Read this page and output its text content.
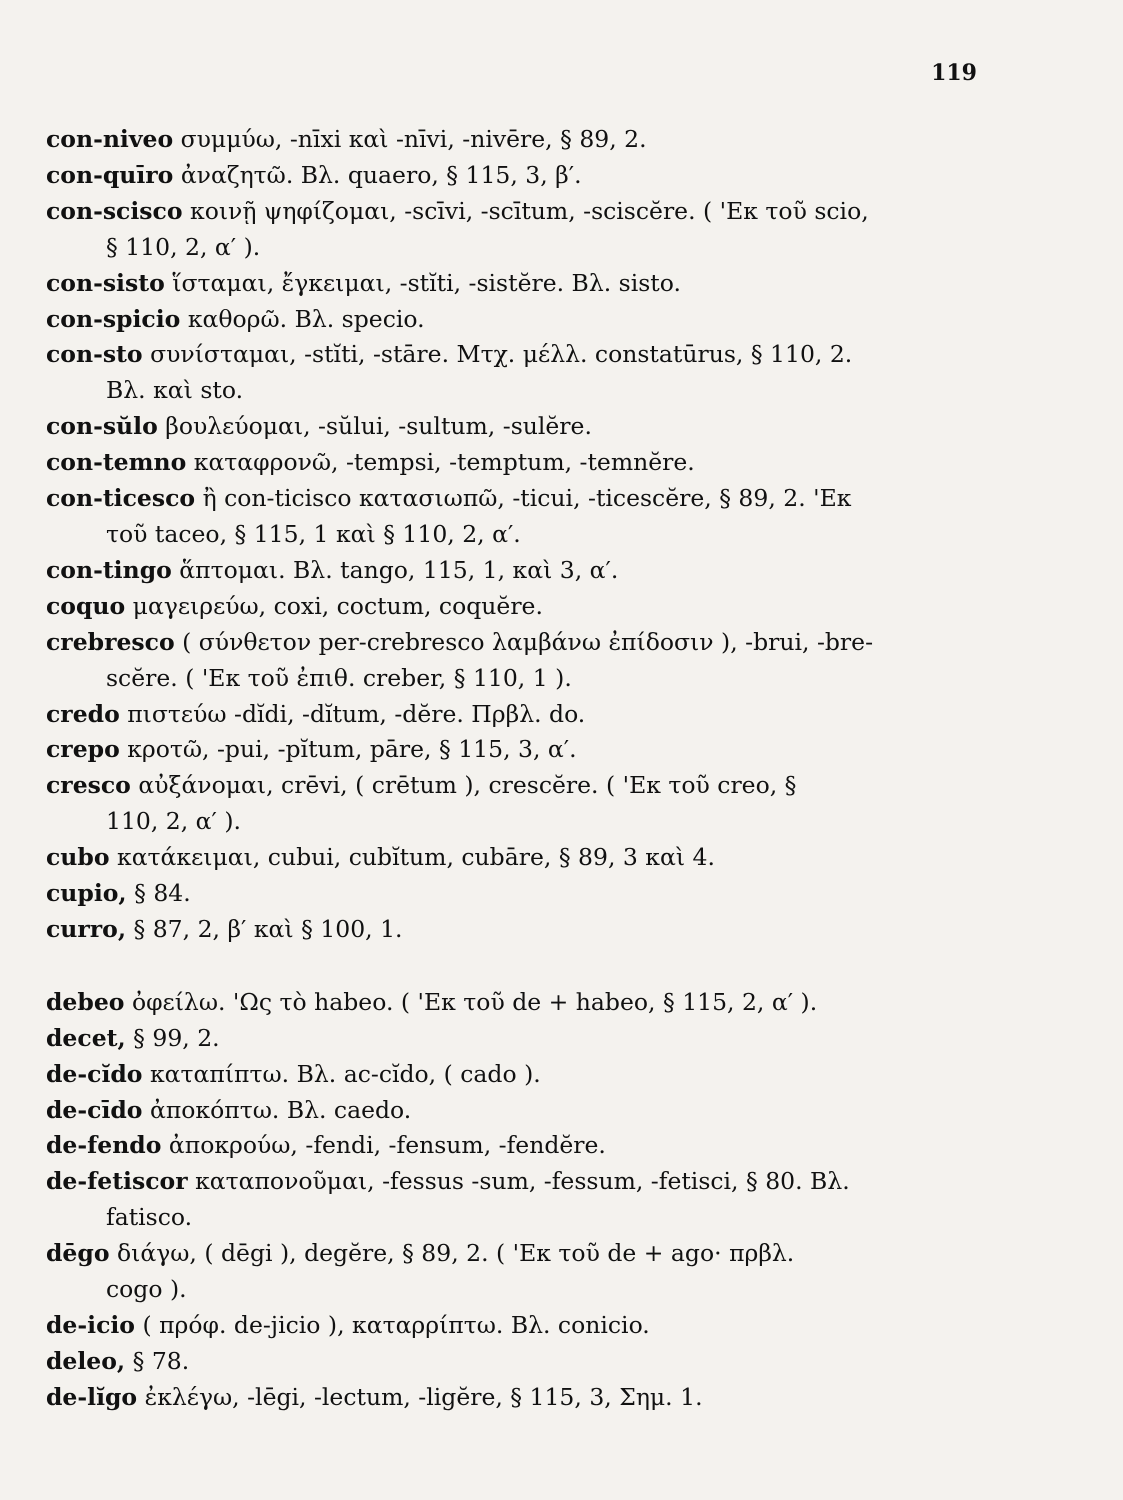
119
con-niveo συμμύω, -nīxi καὶ -nīvi, -nivēre, § 89, 2.
con-quīro ἀναζητῶ. Βλ. quaero, § 115, 3, β′.
con-scisco κοινῇ ψηφίζομαι, -scīvi, -scītum, -sciscĕre. ( 'Εκ τοῦ scio,
§ 110, 2, α′ ).
con-sisto ἵσταμαι, ἔγκειμαι, -stĭti, -sistĕre. Βλ. sisto.
con-spicio καθορῶ. Βλ. specio.
con-sto συνίσταμαι, -stĭti, -stāre. Μτχ. μέλλ. constatūrus, § 110, 2.
Βλ. καὶ sto.
con-sŭlo βουλεύομαι, -sŭlui, -sultum, -sulĕre.
con-temno καταφρονῶ, -tempsi, -temptum, -temnĕre.
con-ticesco ἢ con-ticisco κατασιωπῶ, -ticui, -ticescĕre, § 89, 2. 'Εκ
τοῦ taceo, § 115, 1 καὶ § 110, 2, α′.
con-tingo ἅπτομαι. Βλ. tango, 115, 1, καὶ 3, α′.
coquo μαγειρεύω, coxi, coctum, coquĕre.
crebresco ( σύνθετον per-crebresco λαμβάνω ἐπίδοσιν ), -brui, -bre-
scĕre. ( 'Εκ τοῦ ἐπιθ. creber, § 110, 1 ).
credo πιστεύω -dĭdi, -dĭtum, -dĕre. Πρβλ. do.
crepo κροτῶ, -pui, -pĭtum, pāre, § 115, 3, α′.
cresco αὐξάνομαι, crēvi, ( crētum ), crescĕre. ( 'Εκ τοῦ creo, §
110, 2, α′ ).
cubo κατάκειμαι, cubui, cubĭtum, cubāre, § 89, 3 καὶ 4.
cupio, § 84.
curro, § 87, 2, β′ καὶ § 100, 1.
debeo ὀφείλω. 'Ως τὸ habeo. ( 'Εκ τοῦ de + habeo, § 115, 2, α′ ).
decet, § 99, 2.
de-cĭdo καταπίπτω. Βλ. ac-cĭdo, ( cado ).
de-cīdo ἀποκόπτω. Βλ. caedo.
de-fendo ἀποκρούω, -fendi, -fensum, -fendĕre.
de-fetiscor καταπονοῦμαι, -fessus -sum, -fessum, -fetisci, § 80. Βλ.
fatisco.
dēgo διάγω, ( dēgi ), degĕre, § 89, 2. ( 'Εκ τοῦ de + ago· πρβλ.
cogo ).
de-icio ( πρόφ. de-jicio ), καταρρίπτω. Βλ. conicio.
deleo, § 78.
de-lĭgo ἐκλέγω, -lēgi, -lectum, -ligĕre, § 115, 3, Σημ. 1.
